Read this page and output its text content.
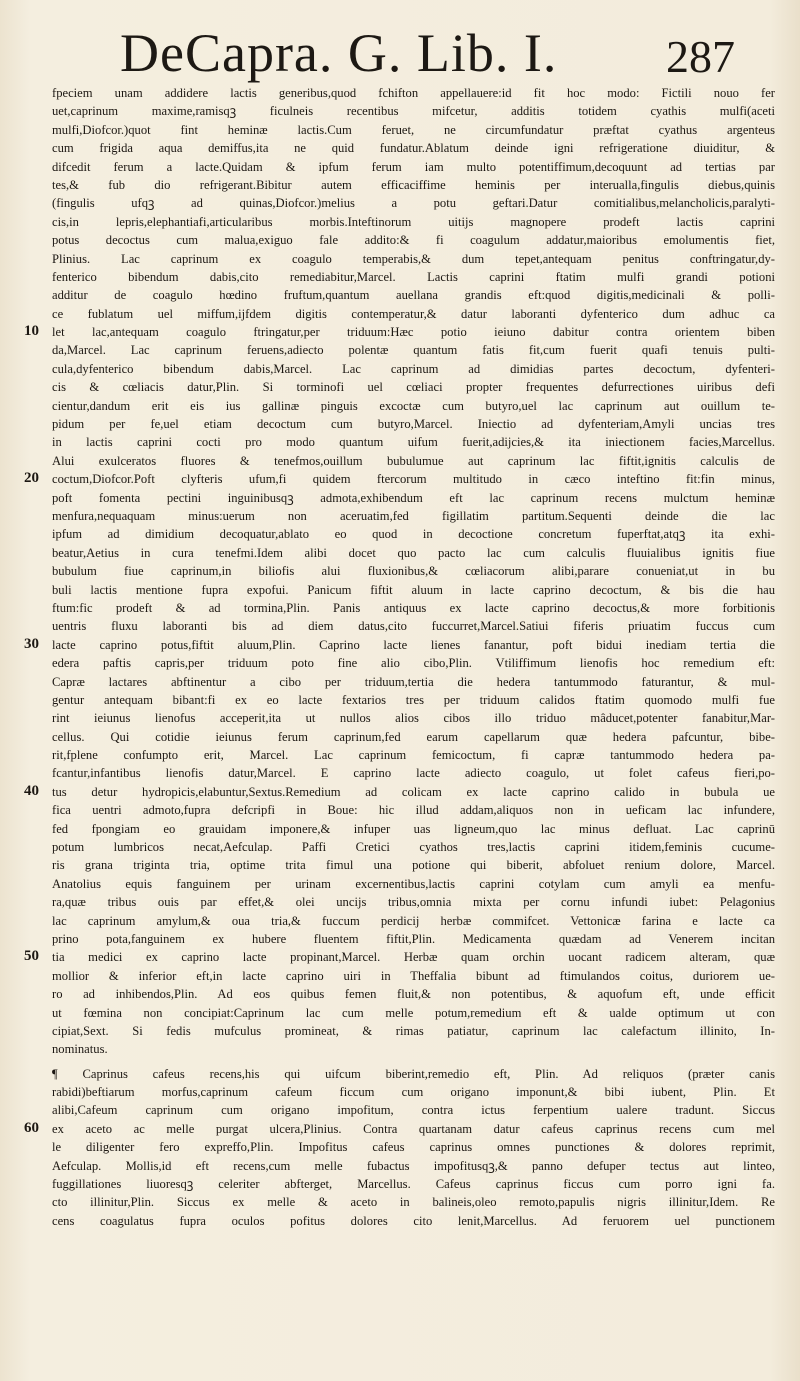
DeCapra. G. Lib. I. 287
fpeciem unam addidere lactis generibus,quod fchifton appellauere:id fit hoc modo: Fictili nouo fer
uet,caprinum maxime,ramisqꝫ ficulneis recentibus mifcetur, additis totidem cyathis mulfi(aceti
mulfi,Diofcor.)quot fint heminæ lactis.Cum feruet, ne circumfundatur præftat cyathus argenteus
cum frigida aqua demiffus,ita ne quid fundatur.Ablatum deinde igni refrigeratione diuiditur, &
difcedit ferum a lacte.Quidam & ipfum ferum iam multo potentiffimum,decoquunt ad tertias par
tes,& fub dio refrigerant.Bibitur autem efficaciffime heminis per interualla,fingulis diebus,quinis
(fingulis ufqꝫ ad quinas,Diofcor.)melius a potu geftari.Datur comitialibus,melancholicis,paralyti-
cis,in lepris,elephantiafi,articularibus morbis.Inteftinorum uitijs magnopere prodeft lactis caprini
potus decoctus cum malua,exiguo fale addito:& fi coagulum addatur,maioribus emolumentis fiet,
Plinius. Lac caprinum ex coagulo temperabis,& dum tepet,antequam penitus conftringatur,dy-
fenterico bibendum dabis,cito remediabitur,Marcel. Lactis caprini ftatim mulfi grandi potioni
additur de coagulo hœdino fruftum,quantum auellana grandis eft:quod digitis,medicinali & polli-
ce fublatum uel miffum,ijfdem digitis contemperatur,& datur laboranti dyfenterico dum adhuc ca
let lac,antequam coagulo ftringatur,per triduum:Hæc potio ieiuno dabitur contra orientem biben
da,Marcel. Lac caprinum feruens,adiecto polentæ quantum fatis fit,cum fuerit quafi tenuis pulti-
cula,dyfenterico bibendum dabis,Marcel. Lac caprinum ad dimidias partes decoctum, dyfenteri-
cis & cœliacis datur,Plin. Si torminofi uel cœliaci propter frequentes defurrectiones uiribus defi
cientur,dandum erit eis ius gallinæ pinguis excoctæ cum butyro,uel lac caprinum aut ouillum te-
pidum per fe,uel etiam decoctum cum butyro,Marcel. Iniectio ad dyfenteriam,Amyli uncias tres
in lactis caprini cocti pro modo quantum uifum fuerit,adijcies,& ita iniectionem facies,Marcellus.
Alui exulceratos fluores & tenefmos,ouillum bubulumue aut caprinum lac fiftit,ignitis calculis de
coctum,Diofcor.Poft clyfteris ufum,fi quidem ftercorum multitudo in cæco inteftino fit:fin minus,
poft fomenta pectini inguinibusqꝫ admota,exhibendum eft lac caprinum recens mulctum heminæ
menfura,nequaquam minus:uerum non aceruatim,fed figillatim partitum.Sequenti deinde die lac
ipfum ad dimidium decoquatur,ablato eo quod in decoctione concretum fuperftat,atqꝫ ita exhi-
beatur,Aetius in cura tenefmi.Idem alibi docet quo pacto lac cum calculis fluuialibus ignitis fiue
bubulum fiue caprinum,in biliofis alui fluxionibus,& cœliacorum alibi,parare conueniat,ut in bu
buli lactis mentione fupra expofui. Panicum fiftit aluum in lacte caprino decoctum, & bis die hau
ftum:fic prodeft & ad tormina,Plin. Panis antiquus ex lacte caprino decoctus,& more forbitionis
uentris fluxu laboranti bis ad diem datus,cito fuccurret,Marcel.Satiui fiferis priuatim fuccus cum
lacte caprino potus,fiftit aluum,Plin. Caprino lacte lienes fanantur, poft bidui inediam tertia die
edera paftis capris,per triduum poto fine alio cibo,Plin. Vtiliffimum lienofis hoc remedium eft:
Capræ lactares abftinentur a cibo per triduum,tertia die hedera tantummodo faturantur, & mul-
gentur antequam bibant:fi ex eo lacte fextarios tres per triduum calidos ftatim quomodo mulfi fue
rint ieiunus lienofus acceperit,ita ut nullos alios cibos illo triduo mâducet,potenter fanabitur,Mar-
cellus. Qui cotidie ieiunus ferum caprinum,fed earum capellarum quæ hedera pafcuntur, bibe-
rit,fplene confumpto erit, Marcel. Lac caprinum femicoctum, fi capræ tantummodo hedera pa-
fcantur,infantibus lienofis datur,Marcel. E caprino lacte adiecto coagulo, ut folet cafeus fieri,po-
tus detur hydropicis,elabuntur,Sextus.Remedium ad colicam ex lacte caprino calido in bubula ue
fica uentri admoto,fupra defcripfi in Boue: hic illud addam,aliquos non in ueficam lac infundere,
fed fpongiam eo grauidam imponere,& infuper uas ligneum,quo lac minus defluat. Lac caprinū
potum lumbricos necat,Aefculap. Paffi Cretici cyathos tres,lactis caprini itidem,feminis cucume-
ris grana triginta tria, optime trita fimul una potione qui biberit, abfoluet renium dolore, Marcel.
Anatolius equis fanguinem per urinam excernentibus,lactis caprini cotylam cum amyli ea menfu-
ra,quæ tribus ouis par effet,& olei uncijs tribus,omnia mixta per cornu infundi iubet: Pelagonius
lac caprinum amylum,& oua tria,& fuccum perdicij herbæ commifcet. Vettonicæ farina e lacte ca
prino pota,fanguinem ex hubere fluentem fiftit,Plin. Medicamenta quædam ad Venerem incitan
tia medici ex caprino lacte propinant,Marcel. Herbæ quam orchin uocant radicem alteram, quæ
mollior & inferior eft,in lacte caprino uiri in Theffalia bibunt ad ftimulandos coitus, duriorem ue-
ro ad inhibendos,Plin. Ad eos quibus femen fluit,& non potentibus, & aquofum eft, unde efficit
ut fœmina non concipiat:Caprinum lac cum melle potum,remedium eft & ualde optimum ut con
cipiat,Sext. Si fedis mufculus promineat, & rimas patiatur, caprinum lac calefactum illinito, In-
nominatus.
¶ Caprinus cafeus recens,his qui uifcum biberint,remedio eft, Plin. Ad reliquos (præter canis
rabidi)beftiarum morfus,caprinum cafeum ficcum cum origano imponunt,& bibi iubent, Plin. Et
alibi,Cafeum caprinum cum origano impofitum, contra ictus ferpentium ualere tradunt. Siccus
ex aceto ac melle purgat ulcera,Plinius. Contra quartanam datur cafeus caprinus recens cum mel
le diligenter fero expreffo,Plin. Impofitus cafeus caprinus omnes punctiones & dolores reprimit,
Aefculap. Mollis,id eft recens,cum melle fubactus impofitusqꝫ,& panno defuper tectus aut linteo,
fuggillationes liuoresqꝫ celeriter abfterget, Marcellus. Cafeus caprinus ficcus cum porro igni fa.
cto illinitur,Plin. Siccus ex melle & aceto in balineis,oleo remoto,papulis nigris illinitur,Idem. Re
cens coagulatus fupra oculos pofitus dolores cito lenit,Marcellus. Ad feruorem uel punctionem
10
20
30
40
50
60
